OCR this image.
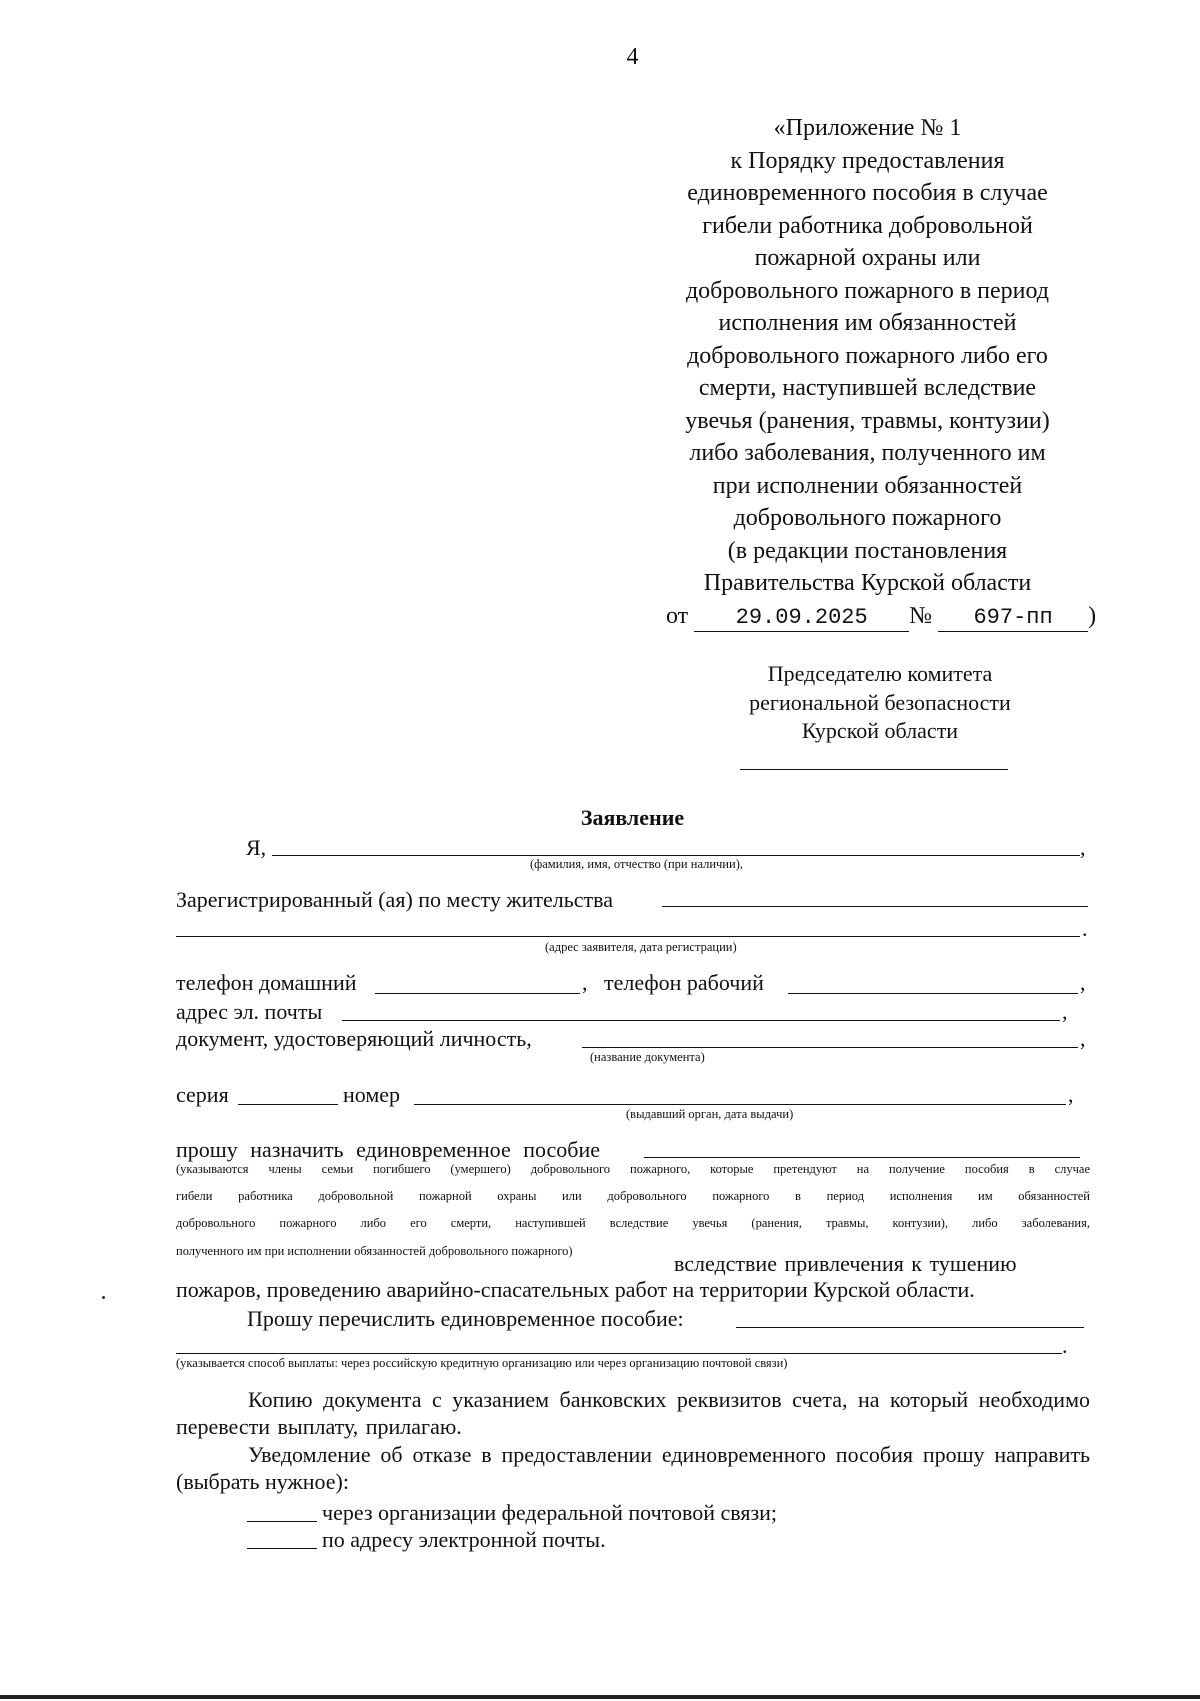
4
«Приложение № 1
к Порядку предоставления
единовременного пособия в случае
гибели работника добровольной
пожарной охраны или
добровольного пожарного в период
исполнения им обязанностей
добровольного пожарного либо его
смерти, наступившей вследствие
увечья (ранения, травмы, контузии)
либо заболевания, полученного им
при исполнении обязанностей
добровольного пожарного
(в редакции постановления
Правительства Курской области
от 29.09.2025 № 697-пп )
Председателю комитета
региональной безопасности
Курской области
Заявление
Я,	,
(фамилия, имя, отчество (при наличии),
Зарегистрированный (ая) по месту жительства
.
(адрес заявителя, дата регистрации)
телефон домашний	, телефон рабочий	,
адрес эл. почты	,
документ, удостоверяющий личность,	,
(название документа)
серия	номер	,
(выдавший орган, дата выдачи)
прошу назначить единовременное пособие
(указываются члены семьи погибшего (умершего) добровольного пожарного, которые претендуют на получение пособия в случае
гибели работника добровольной пожарной охраны или добровольного пожарного в период исполнения им обязанностей
добровольного пожарного либо его смерти, наступившей вследствие увечья (ранения, травмы, контузии), либо заболевания,
полученного им при исполнении обязанностей добровольного пожарного)	вследствие привлечения к тушению
пожаров, проведению аварийно-спасательных работ на территории Курской области.
Прошу перечислить единовременное пособие:
.
(указывается способ выплаты: через российскую кредитную организацию или через организацию почтовой связи)
Копию документа с указанием банковских реквизитов счета, на который необходимо перевести выплату, прилагаю.
Уведомление об отказе в предоставлении единовременного пособия прошу направить (выбрать нужное):
через организации федеральной почтовой связи;
по адресу электронной почты.
